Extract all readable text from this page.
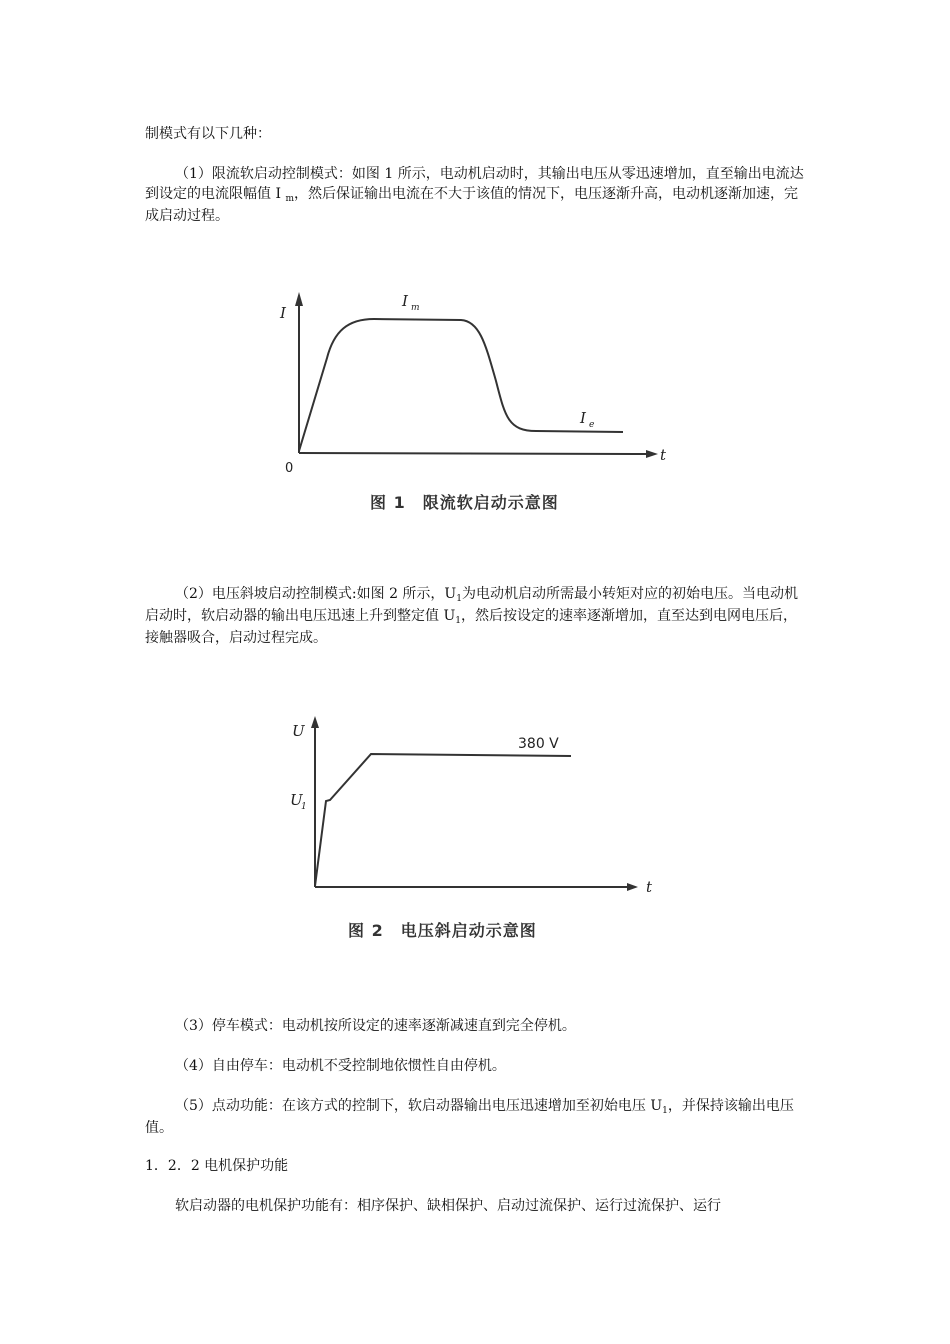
制模式有以下几种：

（1）限流软启动控制模式：如图 1 所示，电动机启动时，其输出电压从零迅速增加，直至输出电流达到设定的电流限幅值 I $_m$，然后保证输出电流在不大于该值的情况下，电压逐渐升高，电动机逐渐加速，完成启动过程。

I
t
0
I m
I e
图 1　限流软启动示意图

（2）电压斜坡启动控制模式:如图 2 所示，$U_1$为电动机启动所需最小转矩对应的初始电压。当电动机启动时，软启动器的输出电压迅速上升到整定值 $U_1$，然后按设定的速率逐渐增加，直至达到电网电压后，接触器吸合，启动过程完成。

U
t
U
1
380 V
图 2　电压斜启动示意图

（3）停车模式：电动机按所设定的速率逐渐减速直到完全停机。

（4）自由停车：电动机不受控制地依惯性自由停机。

（5）点动功能：在该方式的控制下，软启动器输出电压迅速增加至初始电压 $U_1$，并保持该输出电压值。

1．2．2 电机保护功能

软启动器的电机保护功能有：相序保护、缺相保护、启动过流保护、运行过流保护、运行
